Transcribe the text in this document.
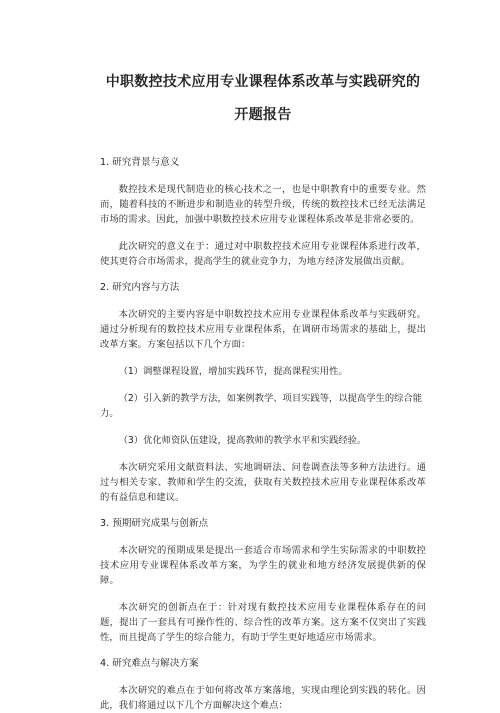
中职数控技术应用专业课程体系改革与实践研究的开题报告
1. 研究背景与意义

数控技术是现代制造业的核心技术之一，也是中职教育中的重要专业。然而，随着科技的不断进步和制造业的转型升级，传统的数控技术已经无法满足市场的需求。因此，加强中职数控技术应用专业课程体系改革是非常必要的。

此次研究的意义在于：通过对中职数控技术应用专业课程体系进行改革，使其更符合市场需求，提高学生的就业竞争力，为地方经济发展做出贡献。

2. 研究内容与方法

本次研究的主要内容是中职数控技术应用专业课程体系改革与实践研究。通过分析现有的数控技术应用专业课程体系，在调研市场需求的基础上，提出改革方案。方案包括以下几个方面：

（1）调整课程设置，增加实践环节，提高课程实用性。

（2）引入新的教学方法，如案例教学、项目实践等，以提高学生的综合能力。

（3）优化师资队伍建设，提高教师的教学水平和实践经验。

本次研究采用文献资料法、实地调研法、问卷调查法等多种方法进行。通过与相关专家、教师和学生的交流，获取有关数控技术应用专业课程体系改革的有益信息和建议。

3. 预期研究成果与创新点

本次研究的预期成果是提出一套适合市场需求和学生实际需求的中职数控技术应用专业课程体系改革方案，为学生的就业和地方经济发展提供新的保障。

本次研究的创新点在于：针对现有数控技术应用专业课程体系存在的问题，提出了一套具有可操作性的、综合性的改革方案。这方案不仅突出了实践性，而且提高了学生的综合能力，有助于学生更好地适应市场需求。

4. 研究难点与解决方案

本次研究的难点在于如何将改革方案落地，实现由理论到实践的转化。因此，我们将通过以下几个方面解决这个难点：
